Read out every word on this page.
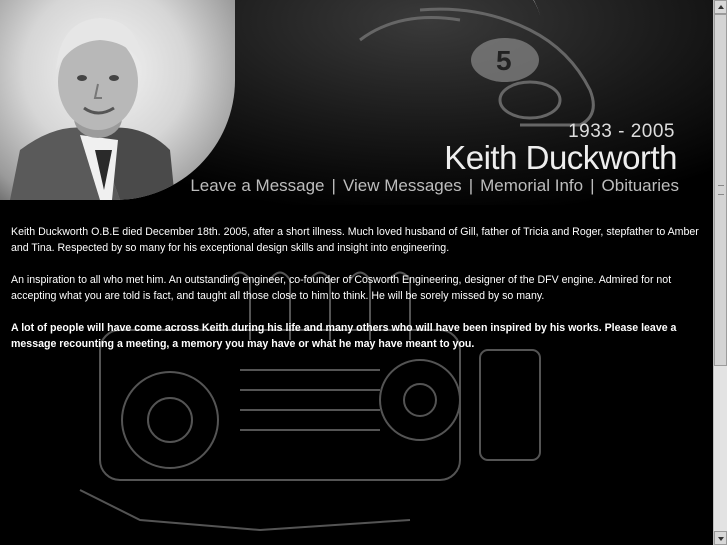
5
1933 - 2005
Keith Duckworth
Leave a Message | View Messages | Memorial Info | Obituaries

Keith Duckworth O.B.E died December 18th. 2005, after a short illness. Much loved husband of Gill, father of Tricia and Roger, stepfather to Amber and Tina. Respected by so many for his exceptional design skills and insight into engineering.

An inspiration to all who met him. An outstanding engineer, co-founder of Cosworth Engineering, designer of the DFV engine. Admired for not accepting what you are told is fact, and taught all those close to him to think. He will be sorely missed by so many.

A lot of people will have come across Keith during his life and many others who will have been inspired by his works. Please leave a message recounting a meeting, a memory you may have or what he may have meant to you.
